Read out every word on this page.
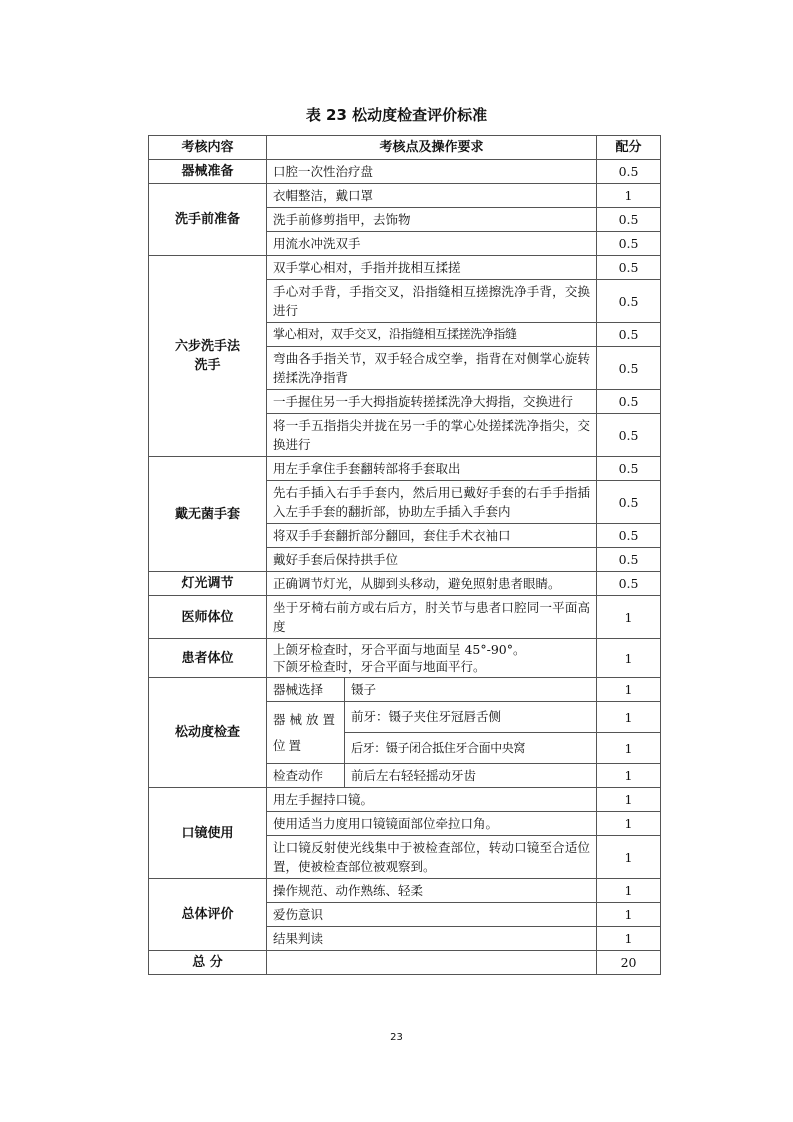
表 23 松动度检查评价标准
考核内容	考核点及操作要求		配分
器械准备	口腔一次性治疗盘		0.5
洗手前准备	衣帽整洁，戴口罩		1
	洗手前修剪指甲，去饰物		0.5
	用流水冲洗双手		0.5

六步洗手法
洗手	双手掌心相对，手指并拢相互揉搓		0.5
	手心对手背，手指交叉，沿指缝相互搓擦洗净手背，交换进行		0.5
	掌心相对，双手交叉，沿指缝相互揉搓洗净指缝		0.5
	弯曲各手指关节，双手轻合成空拳，指背在对侧掌心旋转搓揉洗净指背		0.5
	一手握住另一手大拇指旋转搓揉洗净大拇指，交换进行		0.5
	将一手五指指尖并拢在另一手的掌心处搓揉洗净指尖，交换进行		0.5
戴无菌手套	用左手拿住手套翻转部将手套取出		0.5
	先右手插入右手手套内，然后用已戴好手套的右手手指插入左手手套的翻折部，协助左手插入手套内		0.5
	将双手手套翻折部分翻回，套住手术衣袖口		0.5
	戴好手套后保持拱手位		0.5
灯光调节	正确调节灯光，从脚到头移动，避免照射患者眼睛。		0.5
医师体位	坐于牙椅右前方或右后方，肘关节与患者口腔同一平面高度		1
患者体位	上颌牙检查时，牙合平面与地面呈 45°-90°。
下颌牙检查时，牙合平面与地面平行。		1
松动度检查	器械选择	镊子	1
	器械放置位置	前牙：镊子夹住牙冠唇舌侧	1
		后牙：镊子闭合抵住牙合面中央窝	1
	检查动作	前后左右轻轻摇动牙齿	1
口镜使用	用左手握持口镜。		1
	使用适当力度用口镜镜面部位牵拉口角。		1
	让口镜反射使光线集中于被检查部位，转动口镜至合适位置，使被检查部位被观察到。		1
总体评价	操作规范、动作熟练、轻柔		1
	爱伤意识		1
	结果判读		1
总 分			20
23
